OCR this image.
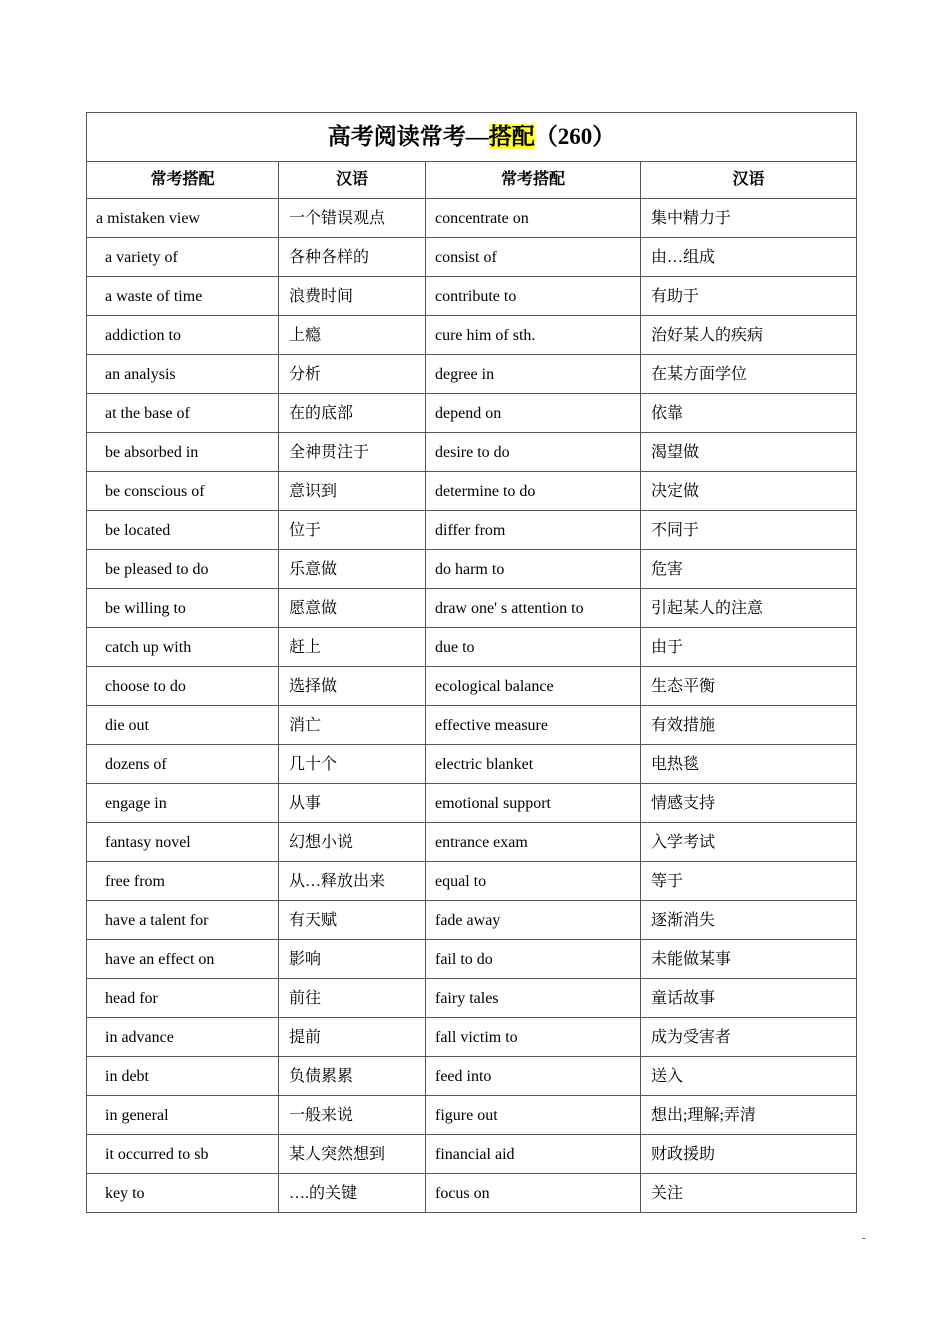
高考阅读常考—搭配（260）			
常考搭配	汉语	常考搭配	汉语
a mistaken view	一个错误观点	concentrate on	集中精力于
a variety of	各种各样的	consist of	由…组成
a waste of time	浪费时间	contribute to	有助于
addiction to	上瘾	cure him of sth.	治好某人的疾病
an analysis	分析	degree in	在某方面学位
at the base of	在的底部	depend on	依靠
be absorbed in	全神贯注于	desire to do	渴望做
be conscious of	意识到	determine to do	决定做
be located	位于	differ from	不同于
be pleased to do	乐意做	do harm to	危害
be willing to	愿意做	draw one' s attention to	引起某人的注意
catch up with	赶上	due to	由于
choose to do	选择做	ecological balance	生态平衡
die out	消亡	effective measure	有效措施
dozens of	几十个	electric blanket	电热毯
engage in	从事	emotional support	情感支持
fantasy novel	幻想小说	entrance exam	入学考试
free from	从…释放出来	equal to	等于
have a talent for	有天赋	fade away	逐渐消失
have an effect on	影响	fail to do	未能做某事
head for	前往	fairy tales	童话故事
in advance	提前	fall victim to	成为受害者
in debt	负债累累	feed into	送入
in general	一般来说	figure out	想出;理解;弄清
it occurred to sb	某人突然想到	financial aid	财政援助
key to	….的关键	focus on	关注
-
